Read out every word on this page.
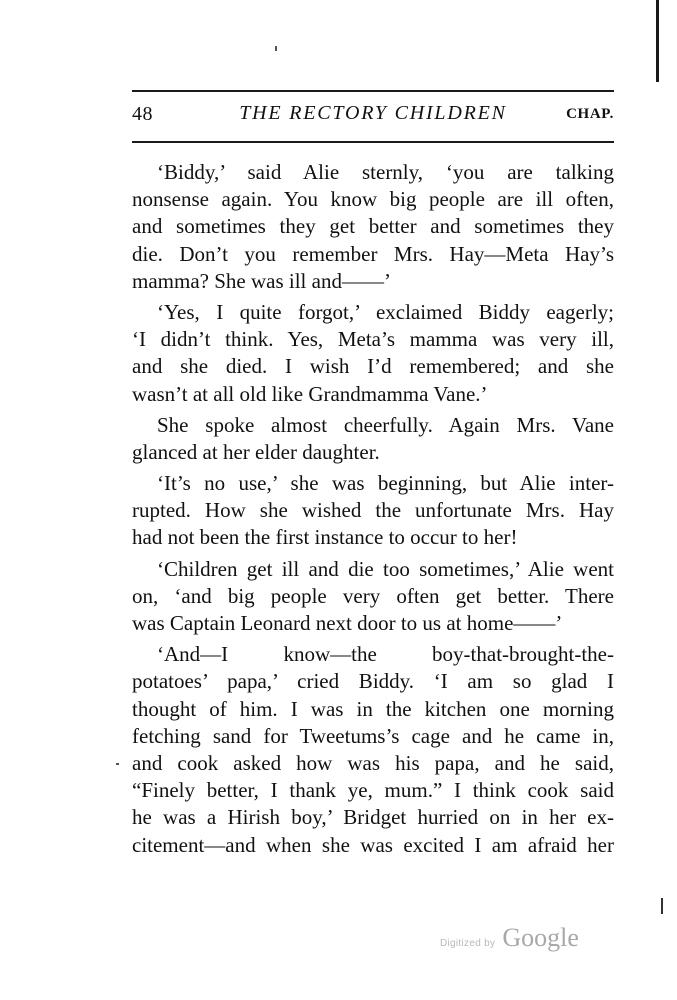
48	THE RECTORY CHILDREN	CHAP.
‘Biddy,’ said Alie sternly, ‘you are talking
nonsense again. You know big people are ill often,
and sometimes they get better and sometimes they
die. Don’t you remember Mrs. Hay—Meta Hay’s
mamma? She was ill and——’
‘Yes, I quite forgot,’ exclaimed Biddy eagerly;
‘I didn’t think. Yes, Meta’s mamma was very ill,
and she died. I wish I’d remembered; and she
wasn’t at all old like Grandmamma Vane.’
She spoke almost cheerfully. Again Mrs. Vane
glanced at her elder daughter.
‘It’s no use,’ she was beginning, but Alie inter-
rupted. How she wished the unfortunate Mrs. Hay
had not been the first instance to occur to her!
‘Children get ill and die too sometimes,’ Alie went
on, ‘and big people very often get better. There
was Captain Leonard next door to us at home——’
‘And—I know—the boy-that-brought-the-
potatoes’ papa,’ cried Biddy. ‘I am so glad I
thought of him. I was in the kitchen one morning
fetching sand for Tweetums’s cage and he came in,
and cook asked how was his papa, and he said,
“Finely better, I thank ye, mum.” I think cook said
he was a Hirish boy,’ Bridget hurried on in her ex-
citement—and when she was excited I am afraid her
Digitized by Google
